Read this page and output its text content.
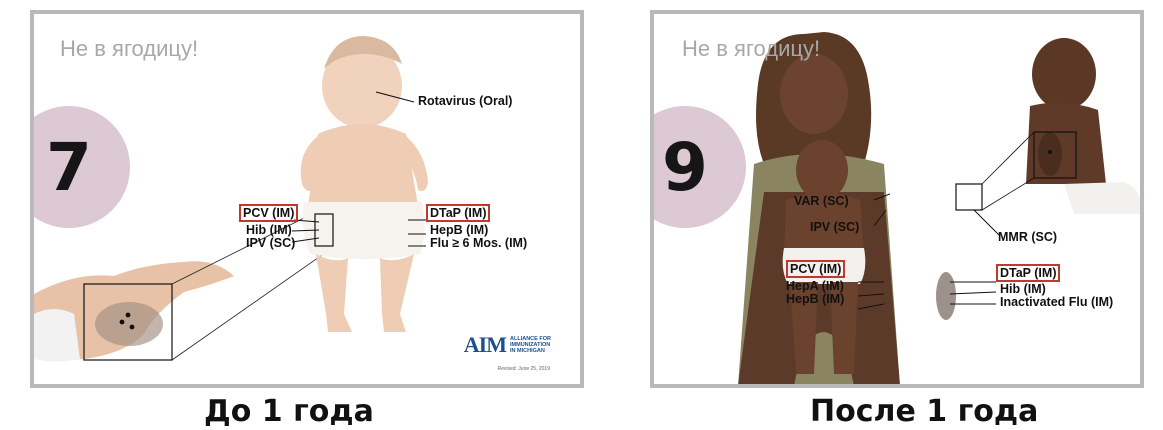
Не в ягодицу!
7
Rotavirus (Oral)
PCV (IM)
Hib (IM)
IPV (SC)
DTaP (IM)
HepB (IM)
Flu ≥ 6 Mos. (IM)
AIM ALLIANCE FOR
IMMUNIZATION
IN MICHIGAN
Revised: June 25, 2019
Не в ягодицу!
9	VAR (SC)
IPV (SC)
MMR (SC)
PCV (IM)
HepA (IM)
HepB (IM)
DTaP (IM)
Hib (IM)
Inactivated Flu (IM)
До 1 года	После 1 года
